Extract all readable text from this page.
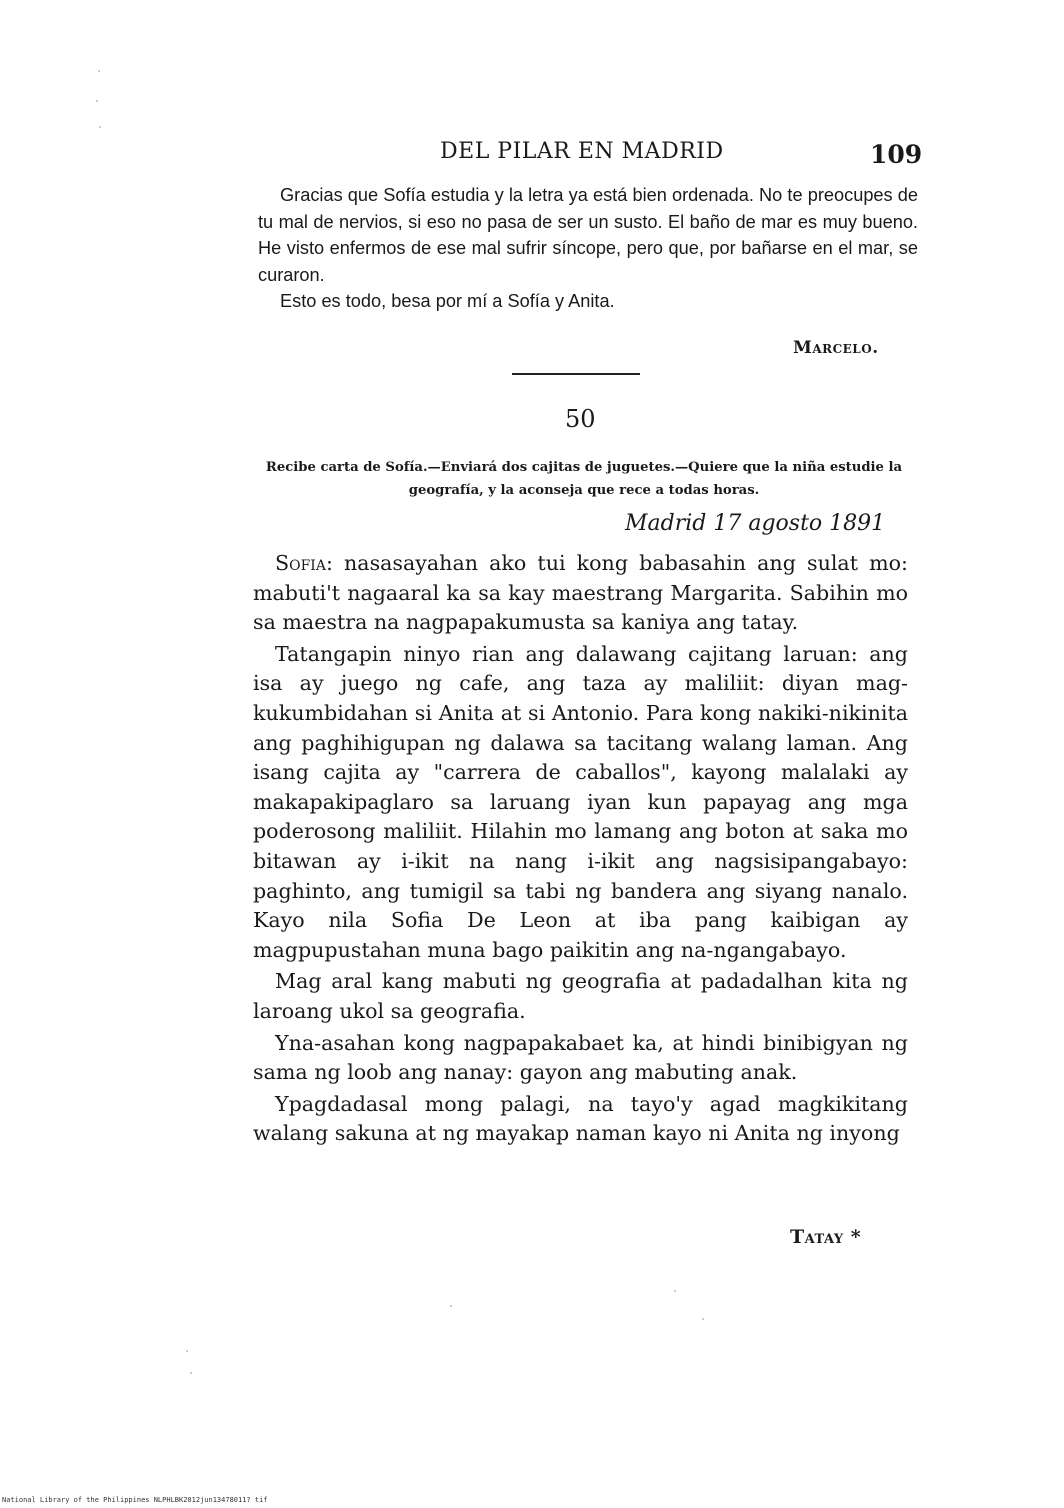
DEL PILAR EN MADRID	109

Gracias que Sofía estudia y la letra ya está bien ordenada. No te preocupes de tu mal de nervios, si eso no pasa de ser un susto. El baño de mar es muy bueno. He visto enfermos de ese mal sufrir síncope, pero que, por bañarse en el mar, se curaron.

Esto es todo, besa por mí a Sofía y Anita.

Marcelo.
50
Recibe carta de Sofía.—Enviará dos cajitas de juguetes.—Quiere que la niña estudie la geografía, y la aconseja que rece a todas horas.
Madrid 17 agosto 1891

Sofia: nasasayahan ako tui kong babasahin ang sulat mo: mabuti't nagaaral ka sa kay maestrang Margarita. Sabihin mo sa maestra na nagpapakumusta sa kaniya ang tatay.

Tatangapin ninyo rian ang dalawang cajitang laruan: ang isa ay juego ng cafe, ang taza ay maliliit: diyan mag-kukumbidahan si Anita at si Antonio. Para kong nakiki-nikinita ang paghihigupan ng dalawa sa tacitang walang laman. Ang isang cajita ay "carrera de caballos", kayong malalaki ay makapakipaglaro sa laruang iyan kun papayag ang mga poderosong maliliit. Hilahin mo lamang ang boton at saka mo bitawan ay i-ikit na nang i-ikit ang nagsisipangabayo: paghinto, ang tumigil sa tabi ng bandera ang siyang nanalo. Kayo nila Sofia De Leon at iba pang kaibigan ay magpupustahan muna bago paikitin ang na-ngangabayo.

Mag aral kang mabuti ng geografia at padadalhan kita ng laroang ukol sa geografia.

Yna-asahan kong nagpapakabaet ka, at hindi binibigyan ng sama ng loob ang nanay: gayon ang mabuting anak.

Ypagdadasal mong palagi, na tayo'y agad magkikitang walang sakuna at ng mayakap naman kayo ni Anita ng inyong

Tatay *
National Library of the Philippines NLPHLBK2012jun13478011? tif
